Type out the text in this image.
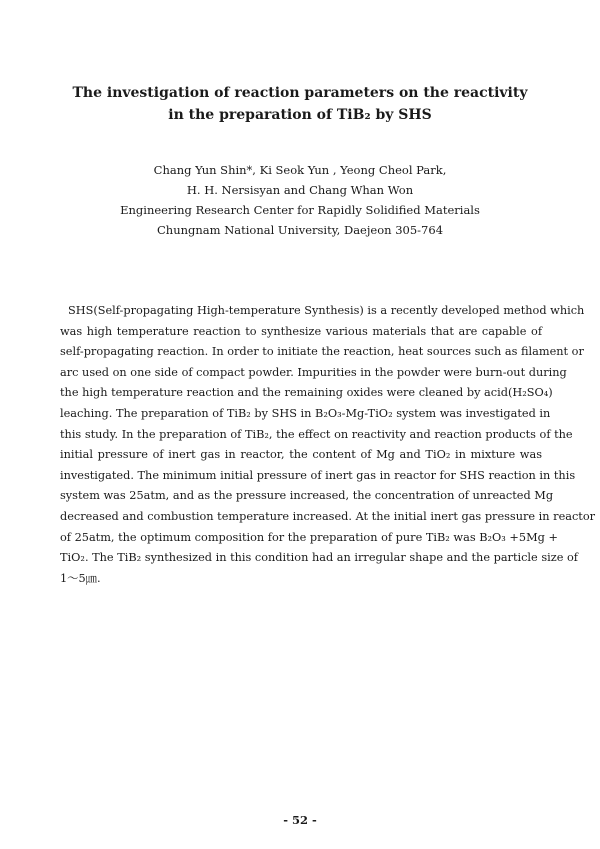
The investigation of reaction parameters on the reactivity
in the preparation of TiB₂ by SHS
Chang Yun Shin*, Ki Seok Yun , Yeong Cheol Park,
H. H. Nersisyan and Chang Whan Won
Engineering Research Center for Rapidly Solidified Materials
Chungnam National University, Daejeon 305-764
SHS(Self-propagating High-temperature Synthesis) is a recently developed method which
was high temperature reaction to synthesize various materials that are capable of
self-propagating reaction. In order to initiate the reaction, heat sources such as filament or
arc used on one side of compact powder. Impurities in the powder were burn-out during
the high temperature reaction and the remaining oxides were cleaned by acid(H₂SO₄)
leaching. The preparation of TiB₂ by SHS in B₂O₃-Mg-TiO₂ system was investigated in
this study. In the preparation of TiB₂, the effect on reactivity and reaction products of the
initial pressure of inert gas in reactor, the content of Mg and TiO₂ in mixture was
investigated. The minimum initial pressure of inert gas in reactor for SHS reaction in this
system was 25atm, and as the pressure increased, the concentration of unreacted Mg
decreased and combustion temperature increased. At the initial inert gas pressure in reactor
of 25atm, the optimum composition for the preparation of pure TiB₂ was B₂O₃ +5Mg +
TiO₂. The TiB₂ synthesized in this condition had an irregular shape and the particle size of
1～5㎛.
- 52 -
